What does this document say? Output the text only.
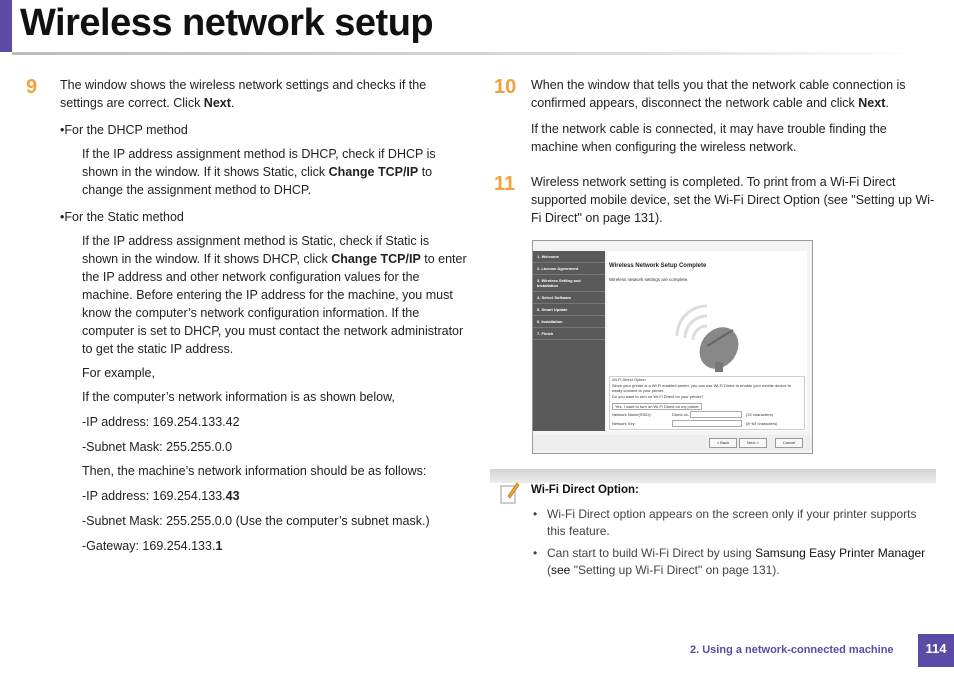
Wireless network setup
9 The window shows the wireless network settings and checks if the settings are correct. Click Next.

•For the DHCP method

If the IP address assignment method is DHCP, check if DHCP is shown in the window. If it shows Static, click Change TCP/IP to change the assignment method to DHCP.

•For the Static method

If the IP address assignment method is Static, check if Static is shown in the window. If it shows DHCP, click Change TCP/IP to enter the IP address and other network configuration values for the machine. Before entering the IP address for the machine, you must know the computer’s network configuration information. If the computer is set to DHCP, you must contact the network administrator to get the static IP address.

For example,

If the computer’s network information is as shown below,

-IP address: 169.254.133.42

-Subnet Mask: 255.255.0.0

Then, the machine’s network information should be as follows:

-IP address: 169.254.133.43

-Subnet Mask: 255.255.0.0 (Use the computer’s subnet mask.)

-Gateway: 169.254.133.1

10 When the window that tells you that the network cable connection is confirmed appears, disconnect the network cable and click Next.

If the network cable is connected, it may have trouble finding the machine when configuring the wireless network.

11 Wireless network setting is completed. To print from a Wi-Fi Direct supported mobile device, set the Wi-Fi Direct Option (see "Setting up Wi-Fi Direct" on page 131).

1. Welcome
2. License Agreement
3. Wireless Setting and Installation
4. Select Software
5. Smart Update
6. Installation
7. Finish
Wireless Network Setup Complete
Wireless network settings are complete.
Wi-Fi Direct Option
Since your printer is a Wi-Fi enabled printer, you can use Wi-Fi Direct to enable your mobile device to easily connect to your printer.
Do you want to turn on Wi-Fi Direct on your printer?
Yes, I want to turn on Wi-Fi Direct on my printer
Network Name(SSID):	Direct-xx-	(22 characters)
Network Key:	(8~64 characters)
< Back	Next >	Cancel
Wi-Fi Direct Option:
• Wi-Fi Direct option appears on the screen only if your printer supports this feature.
• Can start to build Wi-Fi Direct by using Samsung Easy Printer Manager (see "Setting up Wi-Fi Direct" on page 131).
2. Using a network-connected machine	114
